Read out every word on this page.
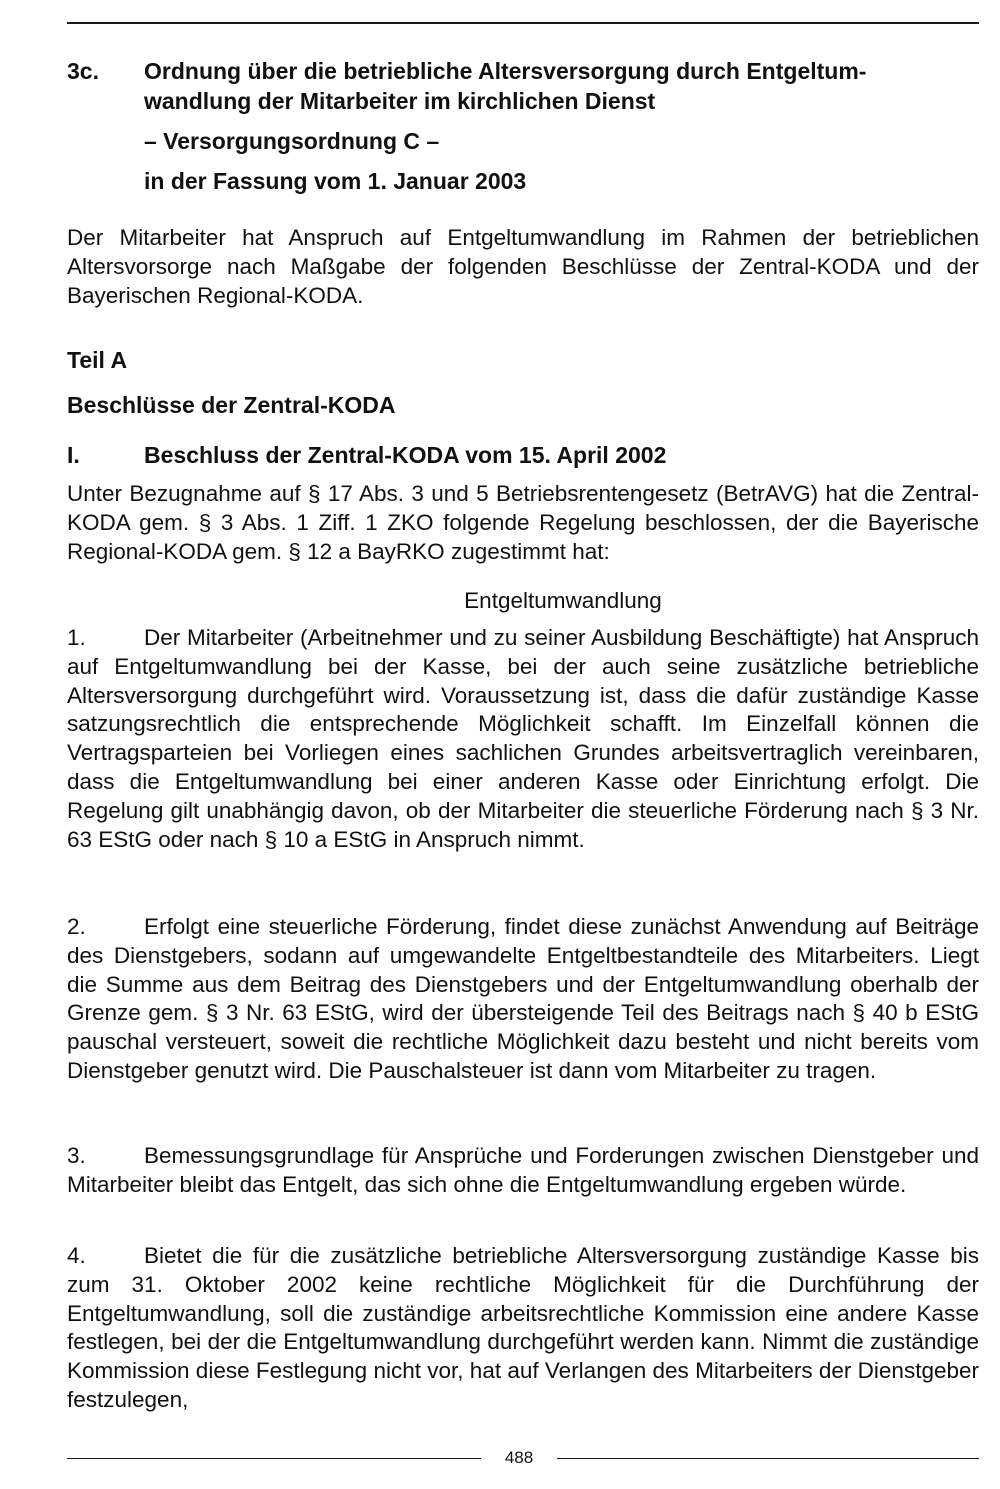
3c. Ordnung über die betriebliche Altersversorgung durch Entgeltum-
wandlung der Mitarbeiter im kirchlichen Dienst
– Versorgungsordnung C –
in der Fassung vom 1. Januar 2003

Der Mitarbeiter hat Anspruch auf Entgeltumwandlung im Rahmen der betrieblichen Altersvorsorge nach Maßgabe der folgenden Beschlüsse der Zentral-KODA und der Bayerischen Regional-KODA.

Teil A
Beschlüsse der Zentral-KODA
I.	Beschluss der Zentral-KODA vom 15. April 2002

Unter Bezugnahme auf § 17 Abs. 3 und 5 Betriebsrentengesetz (BetrAVG) hat die Zentral-KODA gem. § 3 Abs. 1 Ziff. 1 ZKO folgende Regelung beschlossen, der die Bayerische Regional-KODA gem. § 12 a BayRKO zugestimmt hat:

Entgeltumwandlung

1.	Der Mitarbeiter (Arbeitnehmer und zu seiner Ausbildung Beschäftigte) hat Anspruch auf Entgeltumwandlung bei der Kasse, bei der auch seine zusätzliche betriebliche Altersversorgung durchgeführt wird. Voraussetzung ist, dass die dafür zuständige Kasse satzungsrechtlich die entsprechende Möglichkeit schafft. Im Einzelfall können die Vertragsparteien bei Vorliegen eines sachlichen Grundes arbeitsvertraglich vereinbaren, dass die Entgeltumwandlung bei einer anderen Kasse oder Einrichtung erfolgt. Die Regelung gilt unabhängig davon, ob der Mitarbeiter die steuerliche Förderung nach § 3 Nr. 63 EStG oder nach § 10 a EStG in Anspruch nimmt.

2.	Erfolgt eine steuerliche Förderung, findet diese zunächst Anwendung auf Beiträge des Dienstgebers, sodann auf umgewandelte Entgeltbestandteile des Mitarbeiters. Liegt die Summe aus dem Beitrag des Dienstgebers und der Entgeltumwandlung oberhalb der Grenze gem. § 3 Nr. 63 EStG, wird der übersteigende Teil des Beitrags nach § 40 b EStG pauschal versteuert, soweit die rechtliche Möglichkeit dazu besteht und nicht bereits vom Dienstgeber genutzt wird. Die Pauschalsteuer ist dann vom Mitarbeiter zu tragen.

3.	Bemessungsgrundlage für Ansprüche und Forderungen zwischen Dienstgeber und Mitarbeiter bleibt das Entgelt, das sich ohne die Entgeltumwandlung ergeben würde.

4.	Bietet die für die zusätzliche betriebliche Altersversorgung zuständige Kasse bis zum 31. Oktober 2002 keine rechtliche Möglichkeit für die Durchführung der Entgeltumwandlung, soll die zuständige arbeitsrechtliche Kommission eine andere Kasse festlegen, bei der die Entgeltumwandlung durchgeführt werden kann. Nimmt die zuständige Kommission diese Festlegung nicht vor, hat auf Verlangen des Mitarbeiters der Dienstgeber festzulegen,

488
